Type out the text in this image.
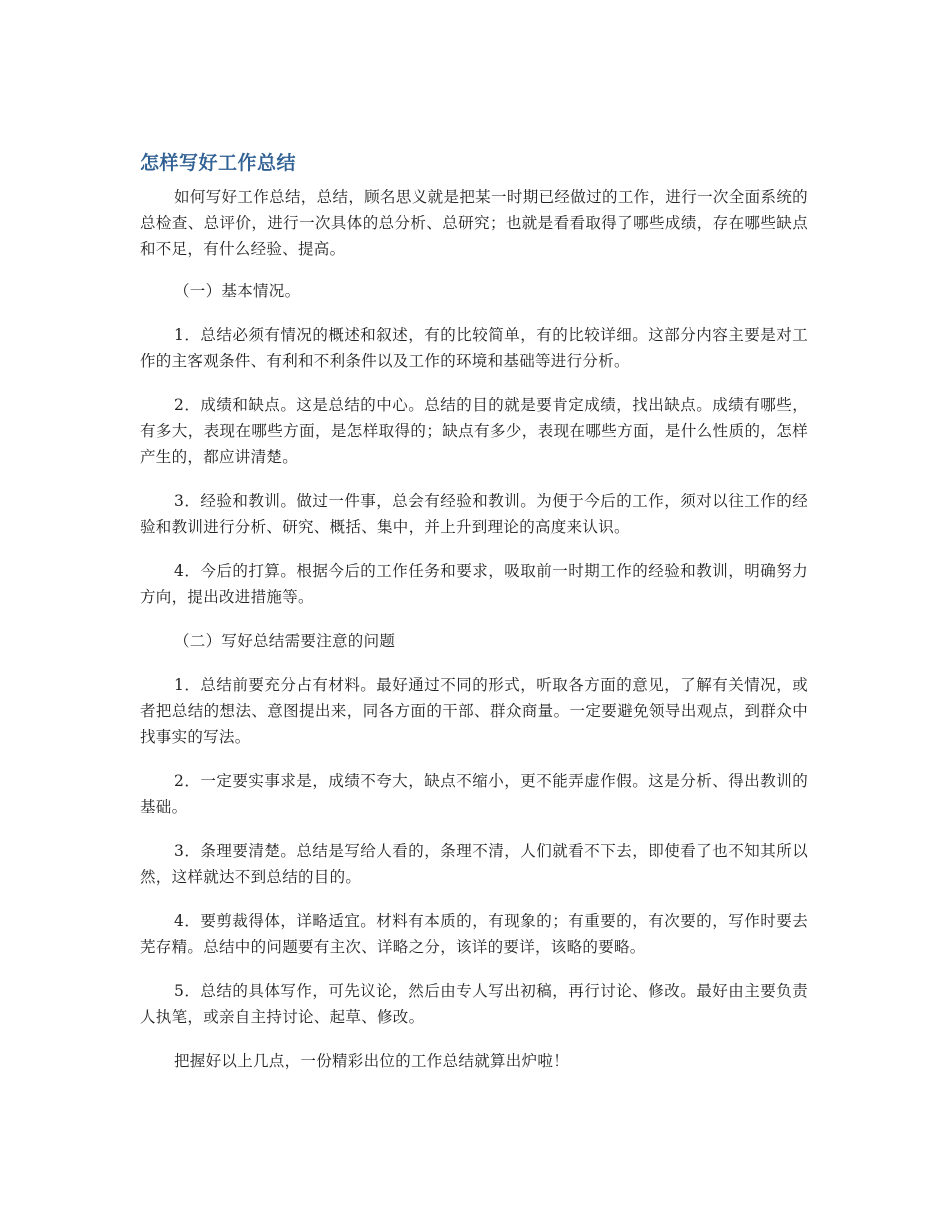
怎样写好工作总结

如何写好工作总结，总结，顾名思义就是把某一时期已经做过的工作，进行一次全面系统的总检查、总评价，进行一次具体的总分析、总研究；也就是看看取得了哪些成绩，存在哪些缺点和不足，有什么经验、提高。

（一）基本情况。

1．总结必须有情况的概述和叙述，有的比较简单，有的比较详细。这部分内容主要是对工作的主客观条件、有利和不利条件以及工作的环境和基础等进行分析。

2．成绩和缺点。这是总结的中心。总结的目的就是要肯定成绩，找出缺点。成绩有哪些，有多大，表现在哪些方面，是怎样取得的；缺点有多少，表现在哪些方面，是什么性质的，怎样产生的，都应讲清楚。

3．经验和教训。做过一件事，总会有经验和教训。为便于今后的工作，须对以往工作的经验和教训进行分析、研究、概括、集中，并上升到理论的高度来认识。

4．今后的打算。根据今后的工作任务和要求，吸取前一时期工作的经验和教训，明确努力方向，提出改进措施等。

（二）写好总结需要注意的问题

1．总结前要充分占有材料。最好通过不同的形式，听取各方面的意见，了解有关情况，或者把总结的想法、意图提出来，同各方面的干部、群众商量。一定要避免领导出观点，到群众中找事实的写法。

2．一定要实事求是，成绩不夸大，缺点不缩小，更不能弄虚作假。这是分析、得出教训的基础。

3．条理要清楚。总结是写给人看的，条理不清，人们就看不下去，即使看了也不知其所以然，这样就达不到总结的目的。

4．要剪裁得体，详略适宜。材料有本质的，有现象的；有重要的，有次要的，写作时要去芜存精。总结中的问题要有主次、详略之分，该详的要详，该略的要略。

5．总结的具体写作，可先议论，然后由专人写出初稿，再行讨论、修改。最好由主要负责人执笔，或亲自主持讨论、起草、修改。

把握好以上几点，一份精彩出位的工作总结就算出炉啦！
